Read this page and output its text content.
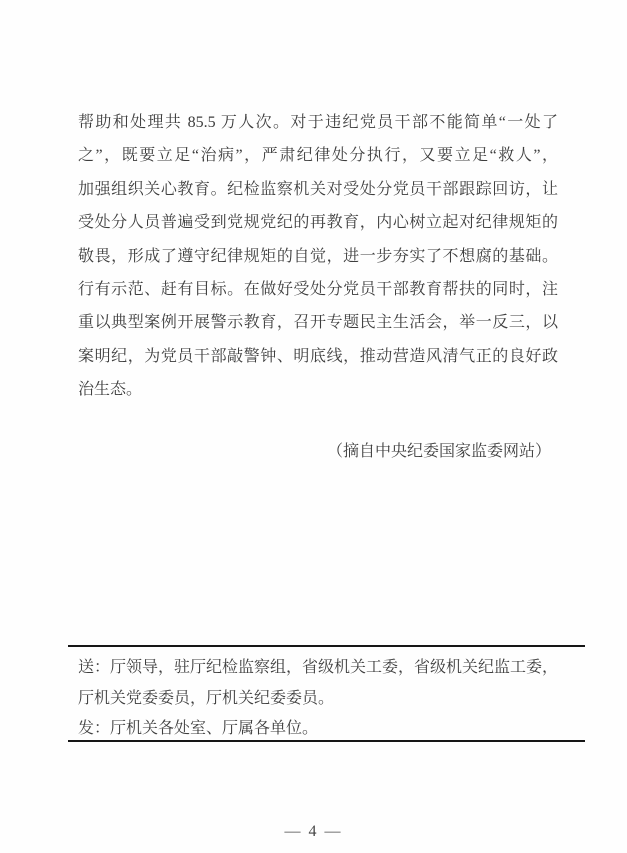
帮助和处理共 85.5 万人次。对于违纪党员干部不能简单“一处了
之”，既要立足“治病”，严肃纪律处分执行，又要立足“救人”，
加强组织关心教育。纪检监察机关对受处分党员干部跟踪回访，让
受处分人员普遍受到党规党纪的再教育，内心树立起对纪律规矩的
敬畏，形成了遵守纪律规矩的自觉，进一步夯实了不想腐的基础。
行有示范、赶有目标。在做好受处分党员干部教育帮扶的同时，注
重以典型案例开展警示教育，召开专题民主生活会，举一反三，以
案明纪，为党员干部敲警钟、明底线，推动营造风清气正的良好政
治生态。
（摘自中央纪委国家监委网站）
送：厅领导，驻厅纪检监察组，省级机关工委，省级机关纪监工委，
厅机关党委委员，厅机关纪委委员。
发：厅机关各处室、厅属各单位。
— 4 —
